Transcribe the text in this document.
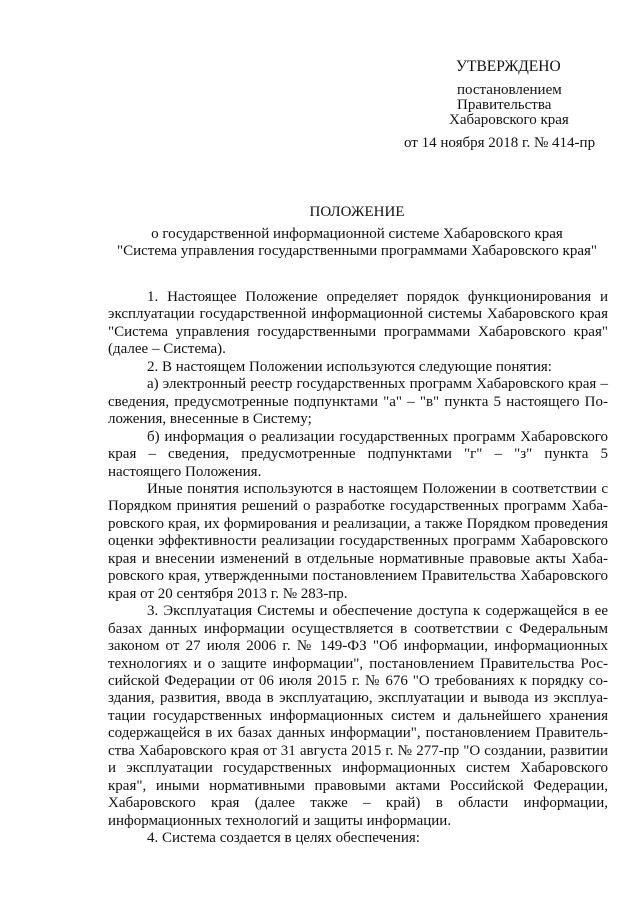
УТВЕРЖДЕНО
постановлением
Правительства
Хабаровского края
от 14 ноября 2018 г. № 414-пр
ПОЛОЖЕНИЕ
о государственной информационной системе Хабаровского края
"Система управления государственными программами Хабаровского края"

1. Настоящее Положение определяет порядок функционирования и эксплуатации государственной информационной системы Хабаровского края "Система управления государственными программами Хабаровского края" (далее – Система).

2. В настоящем Положении используются следующие понятия:

а) электронный реестр государственных программ Хабаровского края – сведения, предусмотренные подпунктами "а" – "в" пункта 5 настоящего Положения, внесенные в Систему;

б) информация о реализации государственных программ Хабаровского края – сведения, предусмотренные подпунктами "г" – "з" пункта 5 настоящего Положения.

Иные понятия используются в настоящем Положении в соответствии с Порядком принятия решений о разработке государственных программ Хабаровского края, их формирования и реализации, а также Порядком проведения оценки эффективности реализации государственных программ Хабаровского края и внесении изменений в отдельные нормативные правовые акты Хабаровского края, утвержденными постановлением Правительства Хабаровского края от 20 сентября 2013 г. № 283-пр.

3. Эксплуатация Системы и обеспечение доступа к содержащейся в ее базах данных информации осуществляется в соответствии с Федеральным законом от 27 июля 2006 г. № 149-ФЗ "Об информации, информационных технологиях и о защите информации", постановлением Правительства Российской Федерации от 06 июля 2015 г. № 676 "О требованиях к порядку создания, развития, ввода в эксплуатацию, эксплуатации и вывода из эксплуатации государственных информационных систем и дальнейшего хранения содержащейся в их базах данных информации", постановлением Правительства Хабаровского края от 31 августа 2015 г. № 277-пр "О создании, развитии и эксплуатации государственных информационных систем Хабаровского края", иными нормативными правовыми актами Российской Федерации, Хабаровского края (далее также – край) в области информации, информационных технологий и защиты информации.

4. Система создается в целях обеспечения:
